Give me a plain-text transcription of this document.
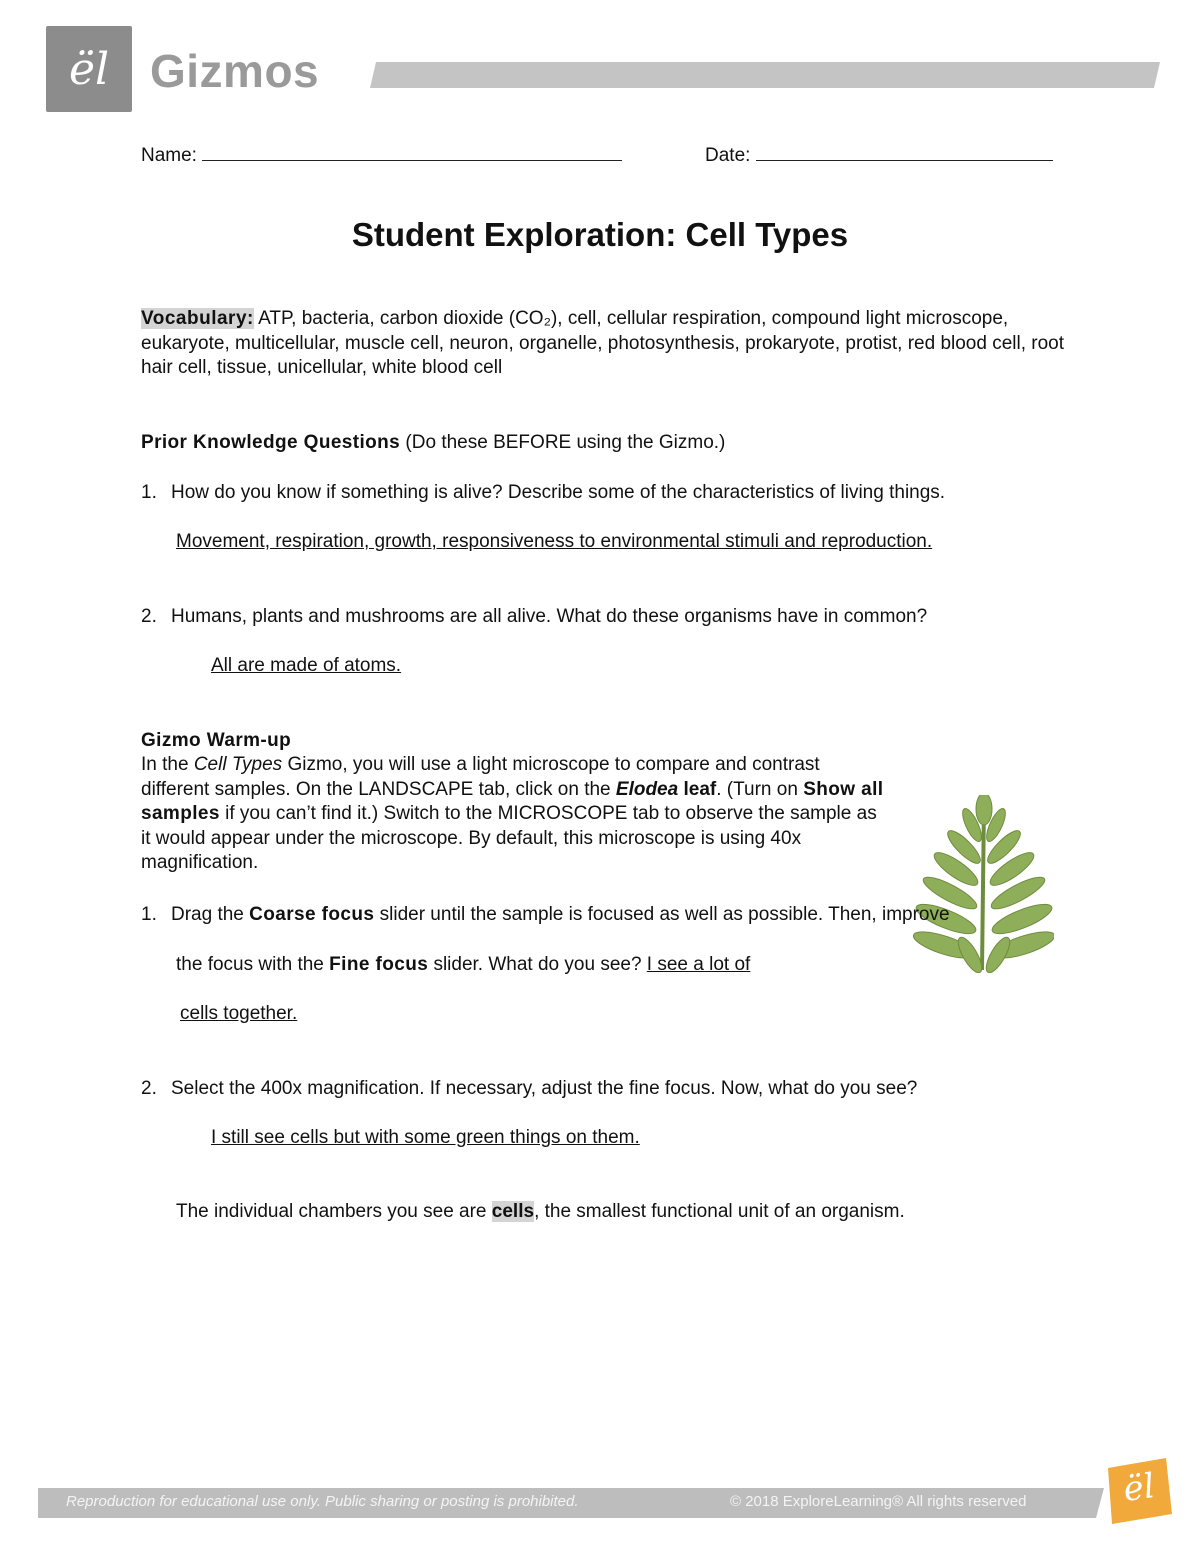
ël Gizmos
Name:	Date:
Student Exploration: Cell Types
Vocabulary: ATP, bacteria, carbon dioxide (CO₂), cell, cellular respiration, compound light microscope, eukaryote, multicellular, muscle cell, neuron, organelle, photosynthesis, prokaryote, protist, red blood cell, root hair cell, tissue, unicellular, white blood cell
Prior Knowledge Questions (Do these BEFORE using the Gizmo.)
1. How do you know if something is alive? Describe some of the characteristics of living things.
Movement, respiration, growth, responsiveness to environmental stimuli and reproduction.
2. Humans, plants and mushrooms are all alive. What do these organisms have in common?
All are made of atoms.
Gizmo Warm-up
In the Cell Types Gizmo, you will use a light microscope to compare and contrast different samples. On the LANDSCAPE tab, click on the Elodea leaf. (Turn on Show all samples if you can’t find it.) Switch to the MICROSCOPE tab to observe the sample as it would appear under the microscope. By default, this microscope is using 40x magnification.
1. Drag the Coarse focus slider until the sample is focused as well as possible. Then, improve
the focus with the Fine focus slider. What do you see? I see a lot of
cells together.
2. Select the 400x magnification. If necessary, adjust the fine focus. Now, what do you see?
I still see cells but with some green things on them.
The individual chambers you see are cells, the smallest functional unit of an organism.
Reproduction for educational use only. Public sharing or posting is prohibited.	© 2018 ExploreLearning® All rights reserved	ël
